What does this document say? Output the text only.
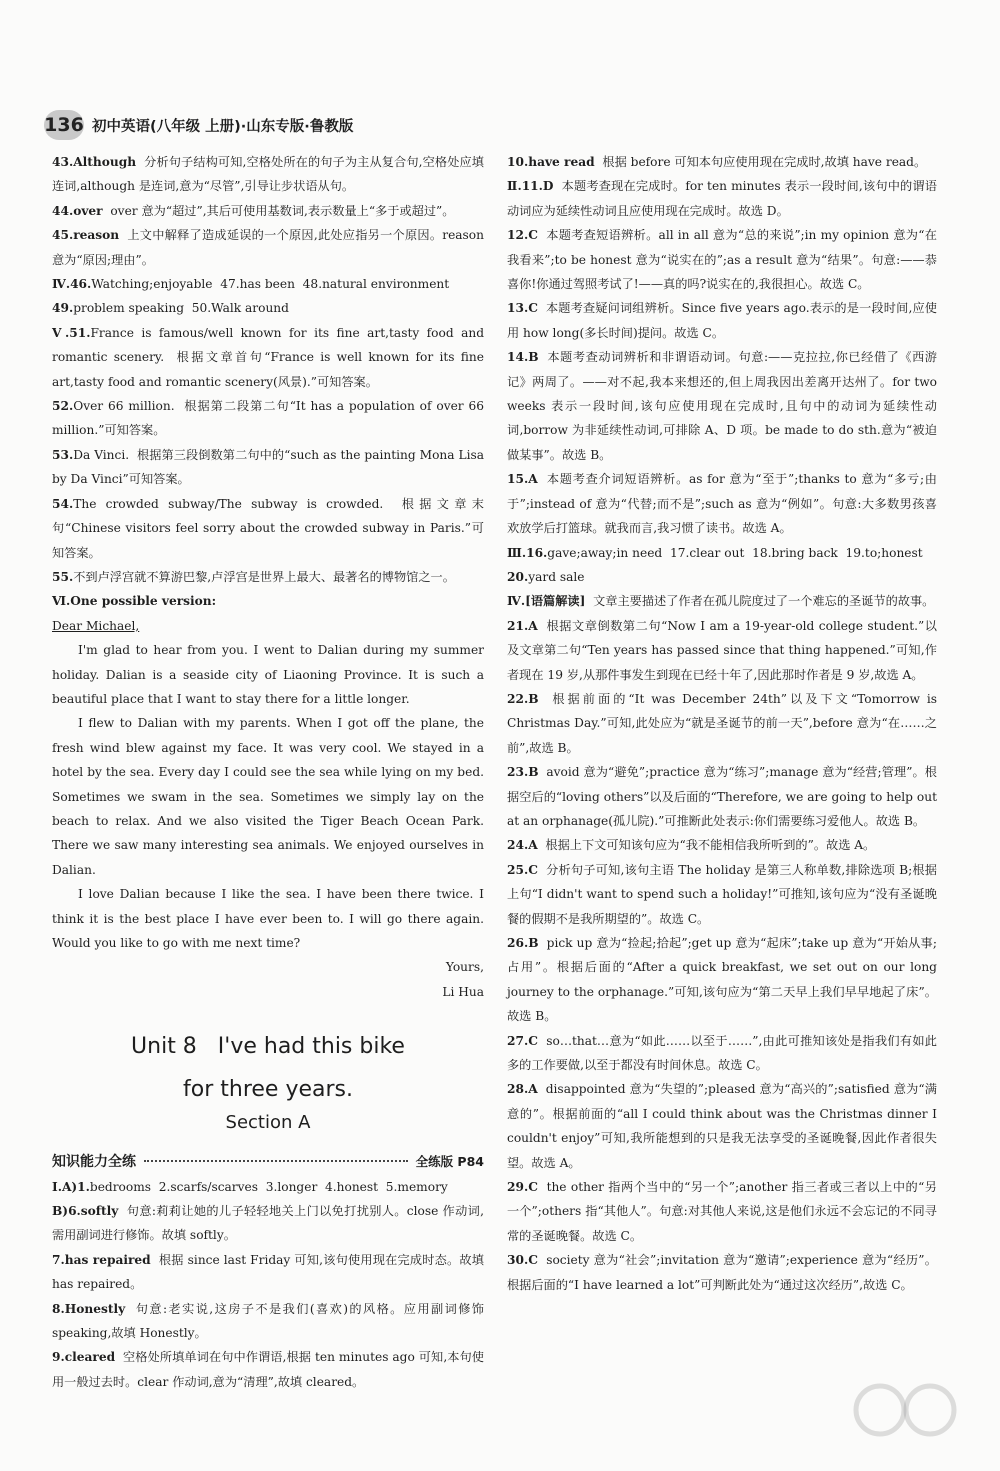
136 初中英语(八年级 上册)·山东专版·鲁教版

43.Although  分析句子结构可知,空格处所在的句子为主从复合句,空格处应填连词,although 是连词,意为“尽管”,引导让步状语从句。

44.over  over 意为“超过”,其后可使用基数词,表示数量上“多于或超过”。

45.reason  上文中解释了造成延误的一个原因,此处应指另一个原因。reason 意为“原因;理由”。

Ⅳ.46.Watching;enjoyable  47.has been  48.natural environment

49.problem speaking  50.Walk around

Ⅴ.51.France is famous/well known for its fine art,tasty food and romantic scenery.  根据文章首句“France is well known for its fine art,tasty food and romantic scenery(风景).”可知答案。

52.Over 66 million.  根据第二段第二句“It has a population of over 66 million.”可知答案。

53.Da Vinci.  根据第三段倒数第二句中的“such as the painting Mona Lisa by Da Vinci”可知答案。

54.The crowded subway/The subway is crowded.  根据文章末句“Chinese visitors feel sorry about the crowded subway in Paris.”可知答案。

55.不到卢浮宫就不算游巴黎,卢浮宫是世界上最大、最著名的博物馆之一。

Ⅵ.One possible version:

Dear Michael,

I'm glad to hear from you. I went to Dalian during my summer holiday. Dalian is a seaside city of Liaoning Province. It is such a beautiful place that I want to stay there for a little longer.

I flew to Dalian with my parents. When I got off the plane, the fresh wind blew against my face. It was very cool. We stayed in a hotel by the sea. Every day I could see the sea while lying on my bed. Sometimes we swam in the sea. Sometimes we simply lay on the beach to relax. And we also visited the Tiger Beach Ocean Park. There we saw many interesting sea animals. We enjoyed ourselves in Dalian.

I love Dalian because I like the sea. I have been there twice. I think it is the best place I have ever been to. I will go there again. Would you like to go with me next time?

Yours,

Li Hua

Unit 8   I've had this bike
for three years.
Section A
知识能力全练	全练版 P84

Ⅰ.A)1.bedrooms  2.scarfs/scarves  3.longer  4.honest  5.memory

B)6.softly  句意:莉莉让她的儿子轻轻地关上门以免打扰别人。close 作动词,需用副词进行修饰。故填 softly。

7.has repaired  根据 since last Friday 可知,该句使用现在完成时态。故填 has repaired。

8.Honestly  句意:老实说,这房子不是我们(喜欢)的风格。应用副词修饰 speaking,故填 Honestly。

9.cleared  空格处所填单词在句中作谓语,根据 ten minutes ago 可知,本句使用一般过去时。clear 作动词,意为“清理”,故填 cleared。

10.have read  根据 before 可知本句应使用现在完成时,故填 have read。

Ⅱ.11.D  本题考查现在完成时。for ten minutes 表示一段时间,该句中的谓语动词应为延续性动词且应使用现在完成时。故选 D。

12.C  本题考查短语辨析。all in all 意为“总的来说”;in my opinion 意为“在我看来”;to be honest 意为“说实在的”;as a result 意为“结果”。句意:——恭喜你!你通过驾照考试了!——真的吗?说实在的,我很担心。故选 C。

13.C  本题考查疑问词组辨析。Since five years ago.表示的是一段时间,应使用 how long(多长时间)提问。故选 C。

14.B  本题考查动词辨析和非谓语动词。句意:——克拉拉,你已经借了《西游记》两周了。——对不起,我本来想还的,但上周我因出差离开达州了。for two weeks 表示一段时间,该句应使用现在完成时,且句中的动词为延续性动词,borrow 为非延续性动词,可排除 A、D 项。be made to do sth.意为“被迫做某事”。故选 B。

15.A  本题考查介词短语辨析。as for 意为“至于”;thanks to 意为“多亏;由于”;instead of 意为“代替;而不是”;such as 意为“例如”。句意:大多数男孩喜欢放学后打篮球。就我而言,我习惯了读书。故选 A。

Ⅲ.16.gave;away;in need  17.clear out  18.bring back  19.to;honest

20.yard sale

Ⅳ.[语篇解读]  文章主要描述了作者在孤儿院度过了一个难忘的圣诞节的故事。

21.A  根据文章倒数第二句“Now I am a 19-year-old college student.”以及文章第二句“Ten years has passed since that thing happened.”可知,作者现在 19 岁,从那件事发生到现在已经十年了,因此那时作者是 9 岁,故选 A。

22.B  根据前面的“It was December 24th”以及下文“Tomorrow is Christmas Day.”可知,此处应为“就是圣诞节的前一天”,before 意为“在……之前”,故选 B。

23.B  avoid 意为“避免”;practice 意为“练习”;manage 意为“经营;管理”。根据空后的“loving others”以及后面的“Therefore, we are going to help out at an orphanage(孤儿院).”可推断此处表示:你们需要练习爱他人。故选 B。

24.A  根据上下文可知该句应为“我不能相信我所听到的”。故选 A。

25.C  分析句子可知,该句主语 The holiday 是第三人称单数,排除选项 B;根据上句“I didn't want to spend such a holiday!”可推知,该句应为“没有圣诞晚餐的假期不是我所期望的”。故选 C。

26.B  pick up 意为“捡起;拾起”;get up 意为“起床”;take up 意为“开始从事;占用”。根据后面的“After a quick breakfast, we set out on our long journey to the orphanage.”可知,该句应为“第二天早上我们早早地起了床”。故选 B。

27.C  so…that…意为“如此……以至于……”,由此可推知该处是指我们有如此多的工作要做,以至于都没有时间休息。故选 C。

28.A  disappointed 意为“失望的”;pleased 意为“高兴的”;satisfied 意为“满意的”。根据前面的“all I could think about was the Christmas dinner I couldn't enjoy”可知,我所能想到的只是我无法享受的圣诞晚餐,因此作者很失望。故选 A。

29.C  the other 指两个当中的“另一个”;another 指三者或三者以上中的“另一个”;others 指“其他人”。句意:对其他人来说,这是他们永远不会忘记的不同寻常的圣诞晚餐。故选 C。

30.C  society 意为“社会”;invitation 意为“邀请”;experience 意为“经历”。根据后面的“I have learned a lot”可判断此处为“通过这次经历”,故选 C。
